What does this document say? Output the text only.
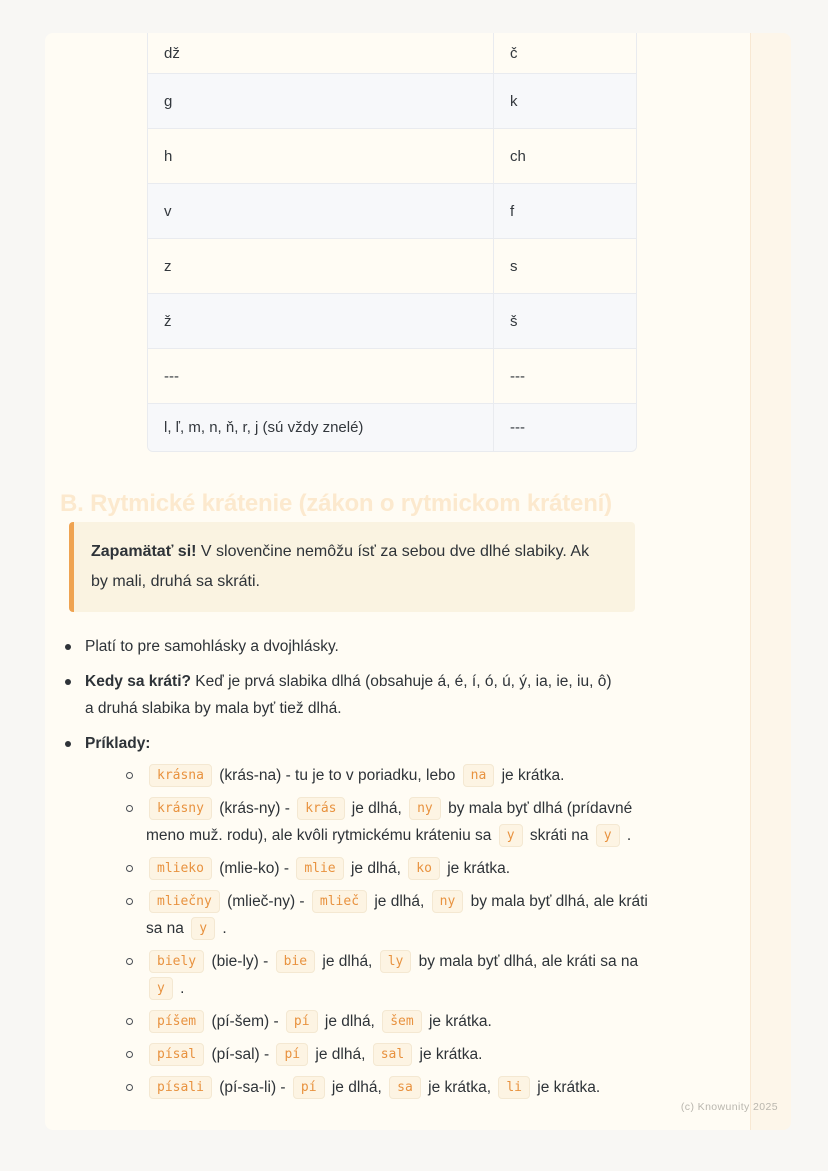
dž	č
g	k
h	ch
v	f
z	s
ž	š
---	---
l, ľ, m, n, ň, r, j (sú vždy znelé)	---
B. Rytmické krátenie (zákon o rytmickom krátení)
Zapamätať si! V slovenčine nemôžu ísť za sebou dve dlhé slabiky. Ak
by mali, druhá sa skráti.
Platí to pre samohlásky a dvojhlásky.
Kedy sa kráti? Keď je prvá slabika dlhá (obsahuje á, é, í, ó, ú, ý, ia, ie, iu, ô)
a druhá slabika by mala byť tiež dlhá.
Príklady:
krásna (krás-na) - tu je to v poriadku, lebo na je krátka.
krásny (krás-ny) - krás je dlhá, ny by mala byť dlhá (prídavné
meno muž. rodu), ale kvôli rytmickému kráteniu sa y skráti na y .
mlieko (mlie-ko) - mlie je dlhá, ko je krátka.
mliečny (mlieč-ny) - mlieč je dlhá, ny by mala byť dlhá, ale kráti
sa na y .
biely (bie-ly) - bie je dlhá, ly by mala byť dlhá, ale kráti sa na
y .
píšem (pí-šem) - pí je dlhá, šem je krátka.
písal (pí-sal) - pí je dlhá, sal je krátka.
písali (pí-sa-li) - pí je dlhá, sa je krátka, li je krátka.
(c) Knowunity 2025
